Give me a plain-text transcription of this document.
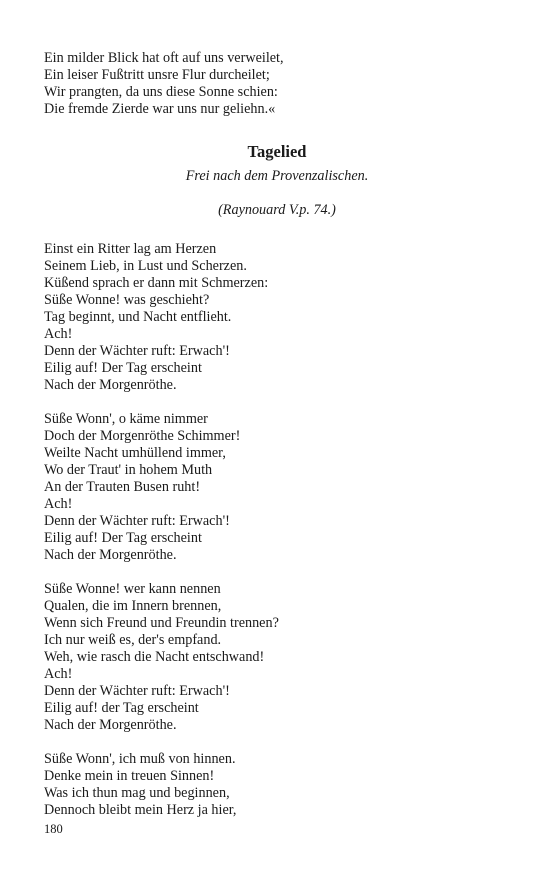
Ein milder Blick hat oft auf uns verweilet,
Ein leiser Fußtritt unsre Flur durcheilet;
Wir prangten, da uns diese Sonne schien:
Die fremde Zierde war uns nur geliehn.«
Tagelied
Frei nach dem Provenzalischen.
(Raynouard V.p. 74.)
Einst ein Ritter lag am Herzen
Seinem Lieb, in Lust und Scherzen.
Küßend sprach er dann mit Schmerzen:
Süße Wonne! was geschieht?
Tag beginnt, und Nacht entflieht.
Ach!
Denn der Wächter ruft: Erwach'!
Eilig auf! Der Tag erscheint
Nach der Morgenröthe.
Süße Wonn', o käme nimmer
Doch der Morgenröthe Schimmer!
Weilte Nacht umhüllend immer,
Wo der Traut' in hohem Muth
An der Trauten Busen ruht!
Ach!
Denn der Wächter ruft: Erwach'!
Eilig auf! Der Tag erscheint
Nach der Morgenröthe.
Süße Wonne! wer kann nennen
Qualen, die im Innern brennen,
Wenn sich Freund und Freundin trennen?
Ich nur weiß es, der's empfand.
Weh, wie rasch die Nacht entschwand!
Ach!
Denn der Wächter ruft: Erwach'!
Eilig auf! der Tag erscheint
Nach der Morgenröthe.
Süße Wonn', ich muß von hinnen.
Denke mein in treuen Sinnen!
Was ich thun mag und beginnen,
Dennoch bleibt mein Herz ja hier,
180
